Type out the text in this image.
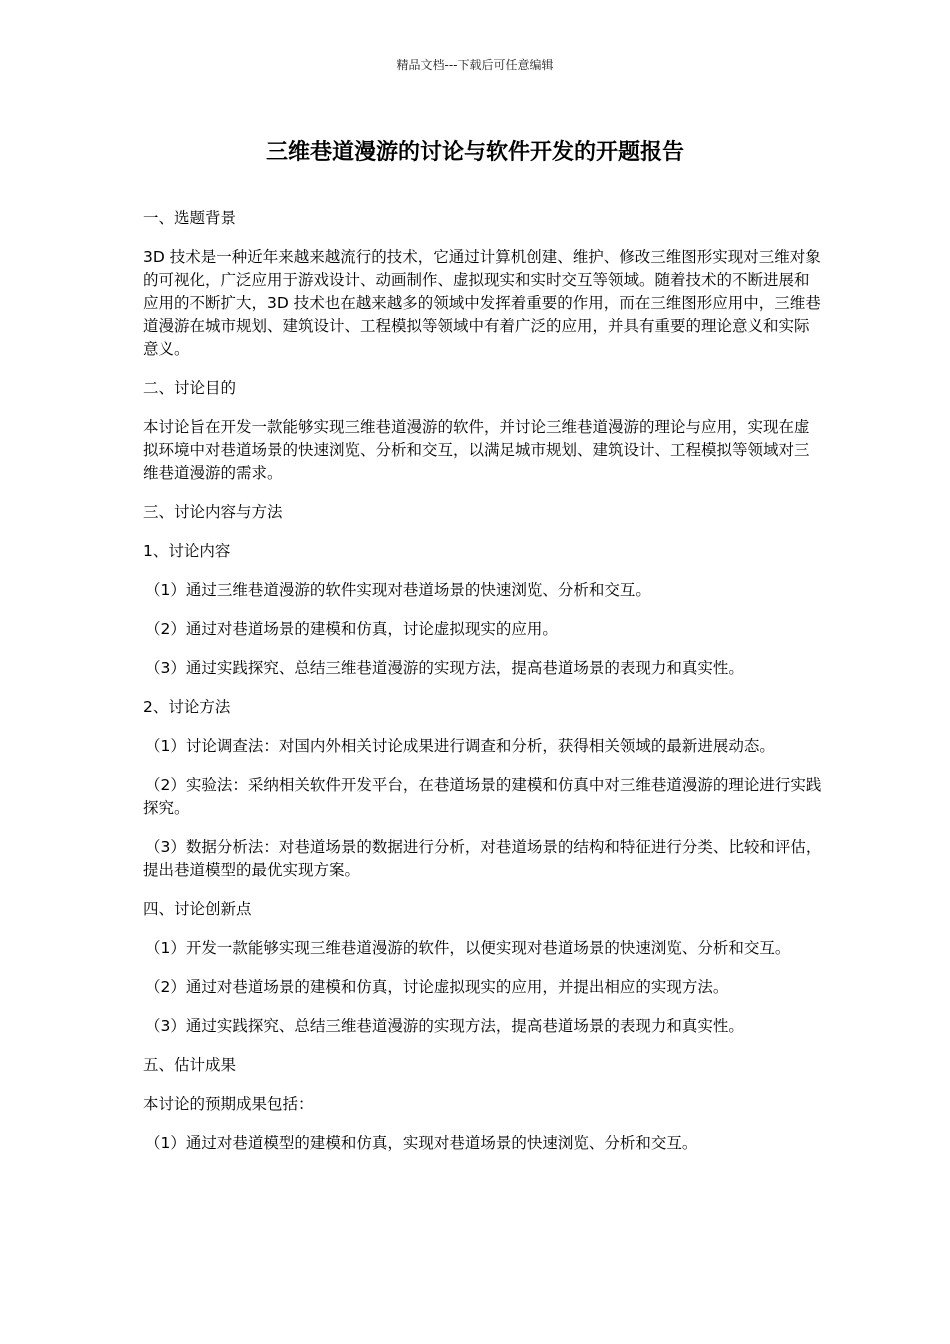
精品文档---下载后可任意编辑
三维巷道漫游的讨论与软件开发的开题报告

一、选题背景

3D 技术是一种近年来越来越流行的技术，它通过计算机创建、维护、修改三维图形实现对三维对象的可视化，广泛应用于游戏设计、动画制作、虚拟现实和实时交互等领域。随着技术的不断进展和应用的不断扩大，3D 技术也在越来越多的领域中发挥着重要的作用，而在三维图形应用中，三维巷道漫游在城市规划、建筑设计、工程模拟等领域中有着广泛的应用，并具有重要的理论意义和实际意义。

二、讨论目的

本讨论旨在开发一款能够实现三维巷道漫游的软件，并讨论三维巷道漫游的理论与应用，实现在虚拟环境中对巷道场景的快速浏览、分析和交互，以满足城市规划、建筑设计、工程模拟等领域对三维巷道漫游的需求。

三、讨论内容与方法

1、讨论内容

（1）通过三维巷道漫游的软件实现对巷道场景的快速浏览、分析和交互。

（2）通过对巷道场景的建模和仿真，讨论虚拟现实的应用。

（3）通过实践探究、总结三维巷道漫游的实现方法，提高巷道场景的表现力和真实性。

2、讨论方法

（1）讨论调查法：对国内外相关讨论成果进行调查和分析，获得相关领域的最新进展动态。

（2）实验法：采纳相关软件开发平台，在巷道场景的建模和仿真中对三维巷道漫游的理论进行实践探究。

（3）数据分析法：对巷道场景的数据进行分析，对巷道场景的结构和特征进行分类、比较和评估，提出巷道模型的最优实现方案。

四、讨论创新点

（1）开发一款能够实现三维巷道漫游的软件，以便实现对巷道场景的快速浏览、分析和交互。

（2）通过对巷道场景的建模和仿真，讨论虚拟现实的应用，并提出相应的实现方法。

（3）通过实践探究、总结三维巷道漫游的实现方法，提高巷道场景的表现力和真实性。

五、估计成果

本讨论的预期成果包括：

（1）通过对巷道模型的建模和仿真，实现对巷道场景的快速浏览、分析和交互。
